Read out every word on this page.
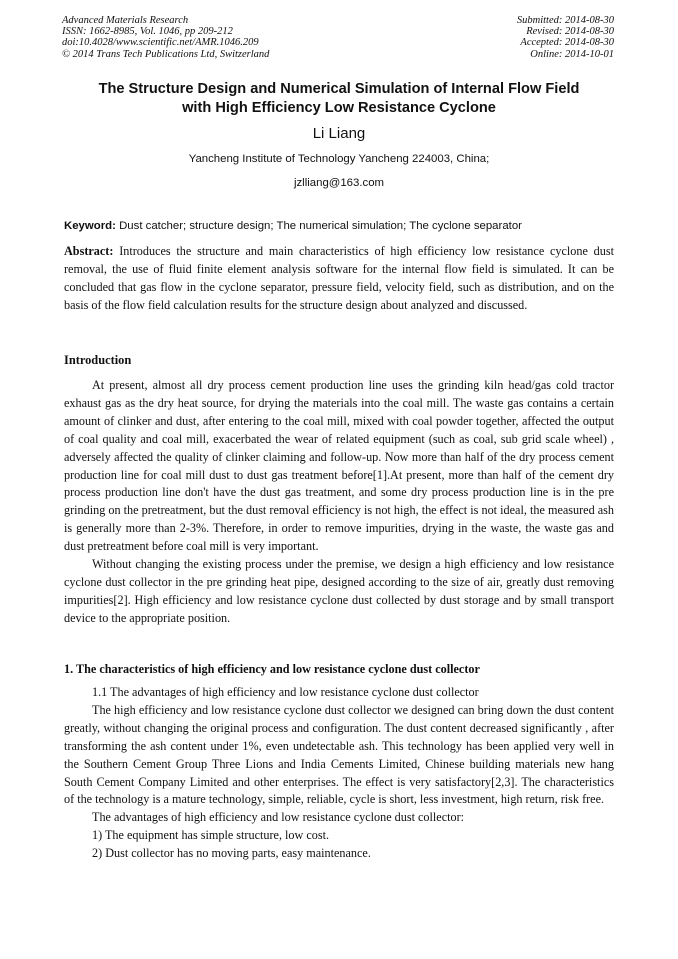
Advanced Materials Research
ISSN: 1662-8985, Vol. 1046, pp 209-212
doi:10.4028/www.scientific.net/AMR.1046.209
© 2014 Trans Tech Publications Ltd, Switzerland
Submitted: 2014-08-30
Revised: 2014-08-30
Accepted: 2014-08-30
Online: 2014-10-01
The Structure Design and Numerical Simulation of Internal Flow Field
with High Efficiency Low Resistance Cyclone
Li Liang
Yancheng Institute of Technology Yancheng 224003, China;
jzlliang@163.com
Keyword: Dust catcher; structure design; The numerical simulation; The cyclone separator

Abstract: Introduces the structure and main characteristics of high efficiency low resistance cyclone dust removal, the use of fluid finite element analysis software for the internal flow field is simulated. It can be concluded that gas flow in the cyclone separator, pressure field, velocity field, such as distribution, and on the basis of the flow field calculation results for the structure design about analyzed and discussed.

Introduction

At present, almost all dry process cement production line uses the grinding kiln head/gas cold tractor exhaust gas as the dry heat source, for drying the materials into the coal mill. The waste gas contains a certain amount of clinker and dust, after entering to the coal mill, mixed with coal powder together, affected the output of coal quality and coal mill, exacerbated the wear of related equipment (such as coal, sub grid scale wheel) , adversely affected the quality of clinker claiming and follow-up. Now more than half of the dry process cement production line for coal mill dust to dust gas treatment before[1].At present, more than half of the cement dry process production line don't have the dust gas treatment, and some dry process production line is in the pre grinding on the pretreatment, but the dust removal efficiency is not high, the effect is not ideal, the measured ash is generally more than 2-3%. Therefore, in order to remove impurities, drying in the waste, the waste gas and dust pretreatment before coal mill is very important.

Without changing the existing process under the premise, we design a high efficiency and low resistance cyclone dust collector in the pre grinding heat pipe, designed according to the size of air, greatly dust removing impurities[2]. High efficiency and low resistance cyclone dust collected by dust storage and by small transport device to the appropriate position.

1. The characteristics of high efficiency and low resistance cyclone dust collector

1.1 The advantages of high efficiency and low resistance cyclone dust collector

The high efficiency and low resistance cyclone dust collector we designed can bring down the dust content greatly, without changing the original process and configuration. The dust content decreased significantly , after transforming the ash content under 1%, even undetectable ash. This technology has been applied very well in the Southern Cement Group Three Lions and India Cements Limited, Chinese building materials new hang South Cement Company Limited and other enterprises. The effect is very satisfactory[2,3]. The characteristics of the technology is a mature technology, simple, reliable, cycle is short, less investment, high return, risk free.

The advantages of high efficiency and low resistance cyclone dust collector:

1) The equipment has simple structure, low cost.

2) Dust collector has no moving parts, easy maintenance.
